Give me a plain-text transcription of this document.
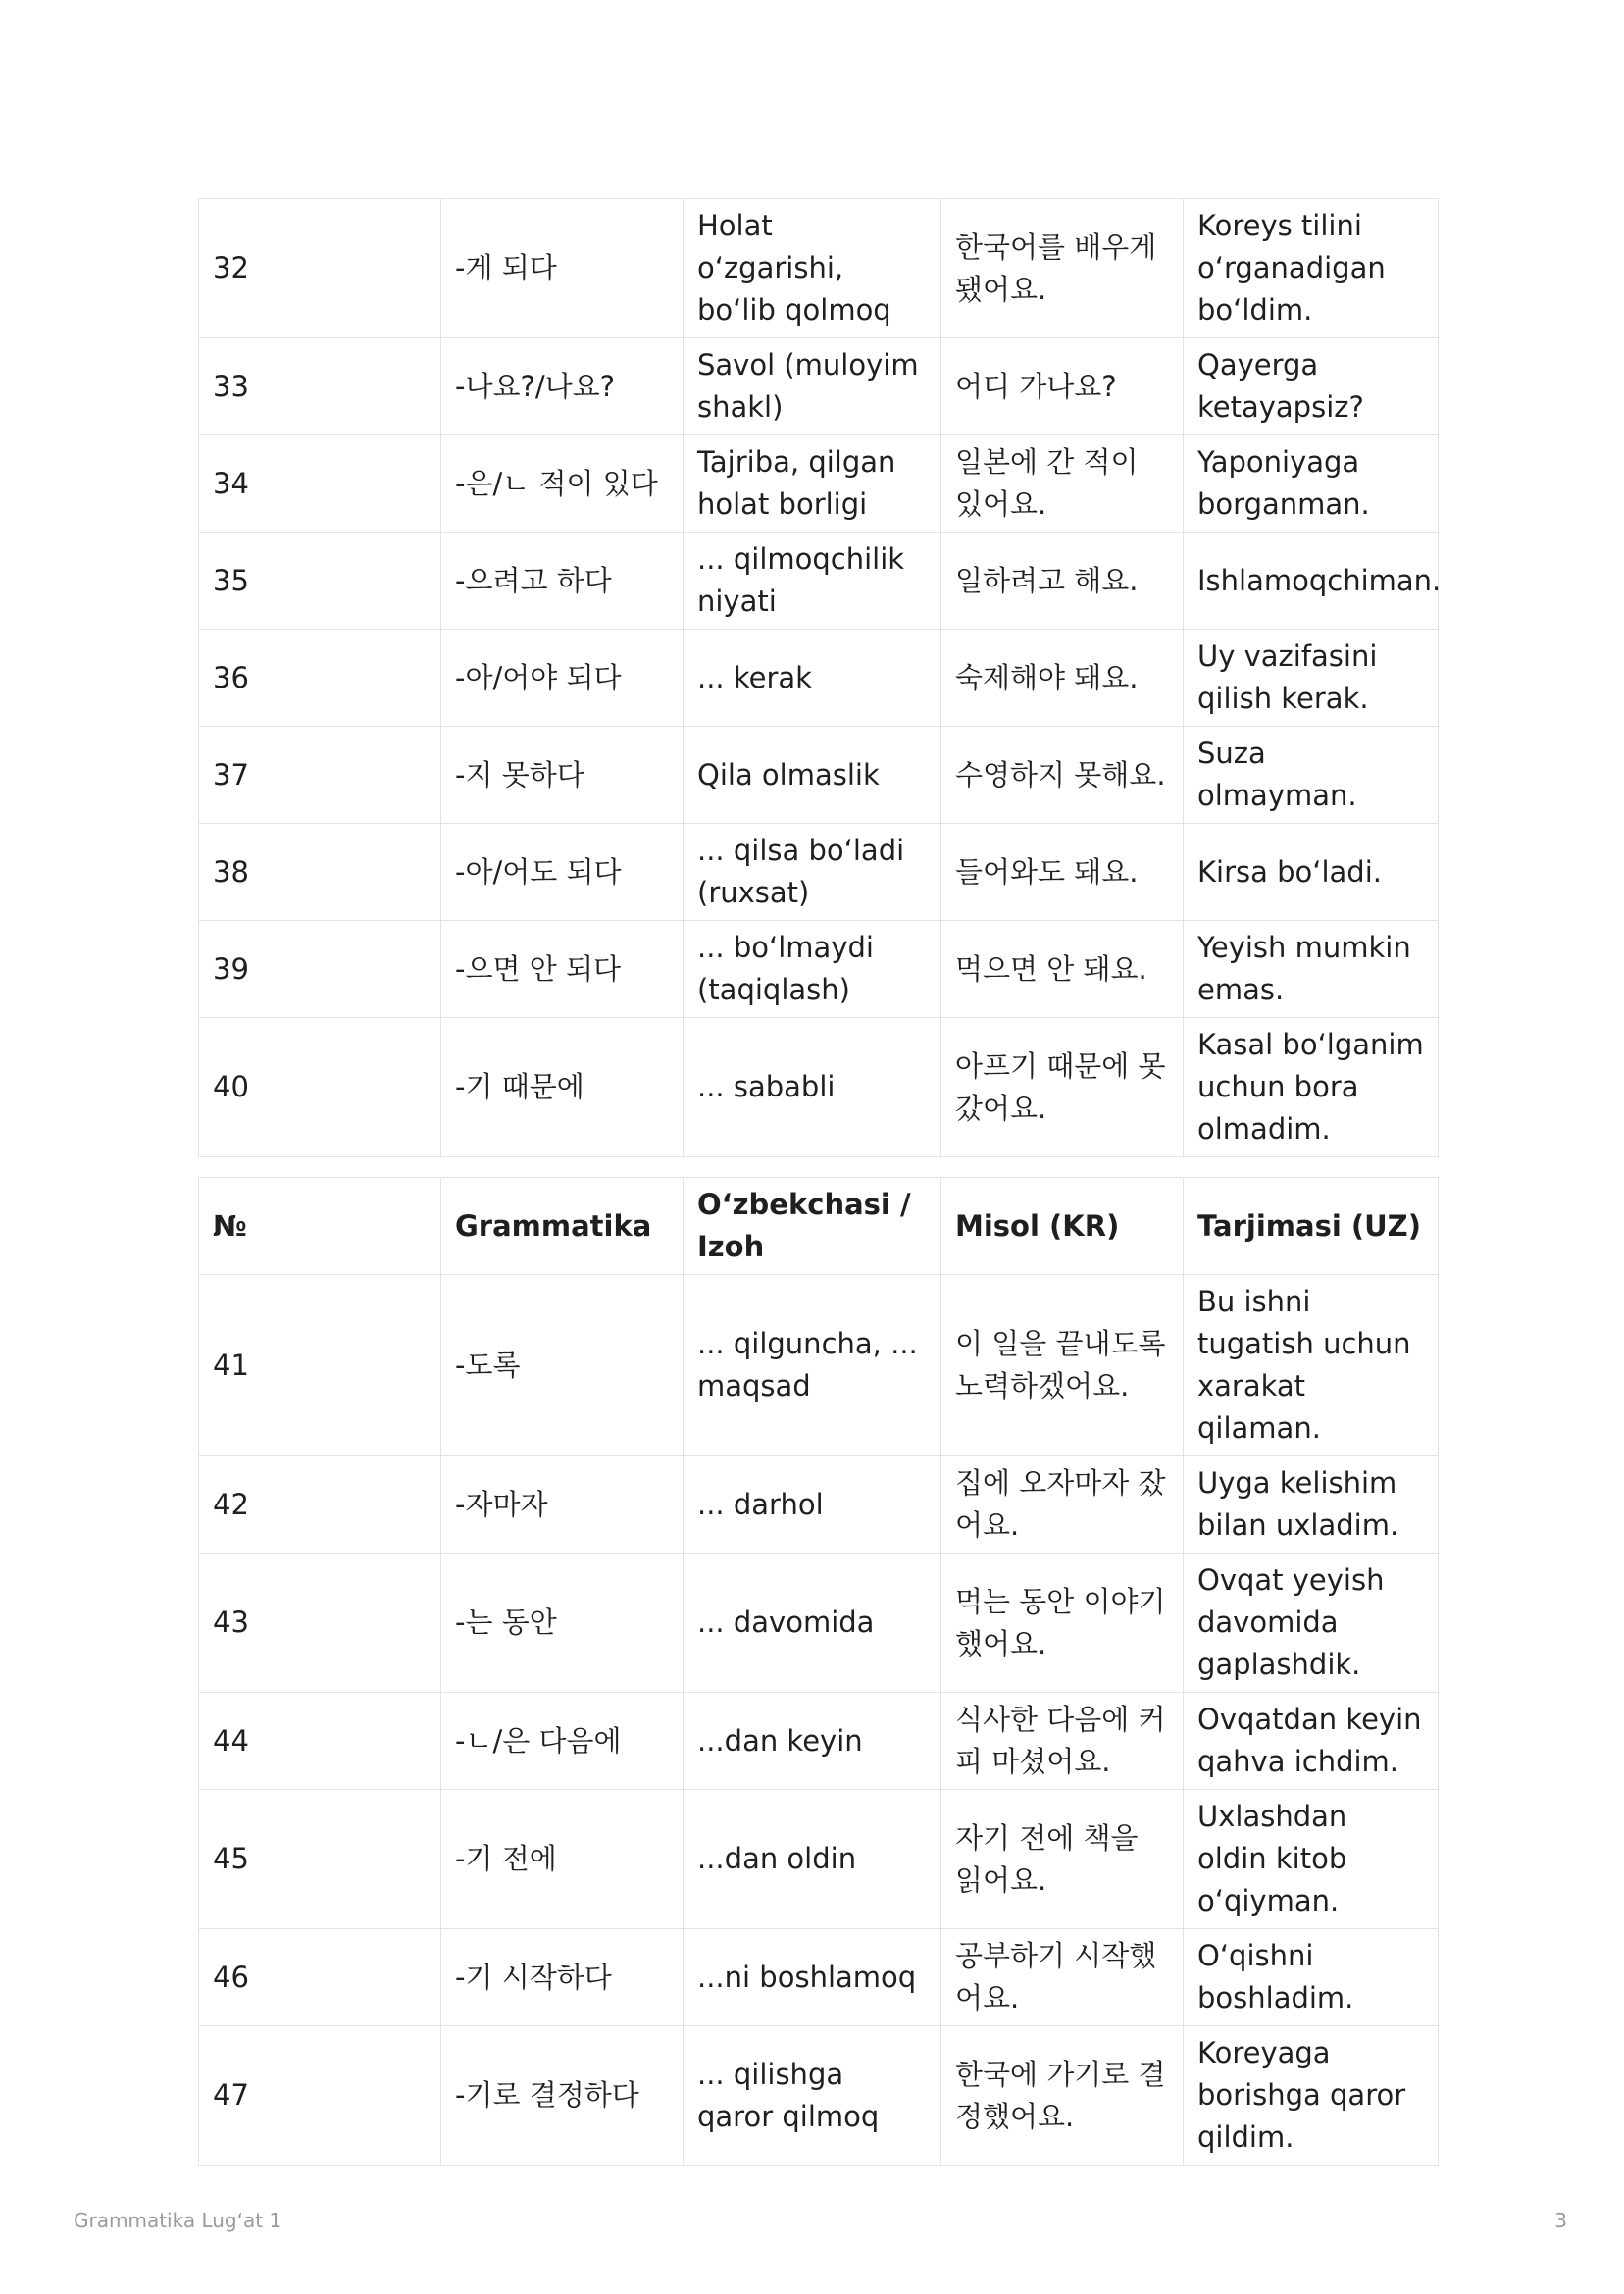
32	-게 되다	Holat oʻzgarishi, boʻlib qolmoq	한국어를 배우게 됐어요.	Koreys tilini oʻrganadigan boʻldim.
33	-나요?/나요?	Savol (muloyim shakl)	어디 가나요?	Qayerga ketayapsiz?
34	-은/ㄴ 적이 있다	Tajriba, qilgan holat borligi	일본에 간 적이 있어요.	Yaponiyaga borganman.
35	-으려고 하다	... qilmoqchilik niyati	일하려고 해요.	Ishlamoqchiman.
36	-아/어야 되다	... kerak	숙제해야 돼요.	Uy vazifasini qilish kerak.
37	-지 못하다	Qila olmaslik	수영하지 못해요.	Suza olmayman.
38	-아/어도 되다	... qilsa boʻladi (ruxsat)	들어와도 돼요.	Kirsa boʻladi.
39	-으면 안 되다	... boʻlmaydi (taqiqlash)	먹으면 안 돼요.	Yeyish mumkin emas.
40	-기 때문에	... sababli	아프기 때문에 못 갔어요.	Kasal boʻlganim uchun bora olmadim.
№	Grammatika	Oʻzbekchasi / Izoh	Misol (KR)	Tarjimasi (UZ)
41	-도록	... qilguncha, ... maqsad	이 일을 끝내도록 노력하겠어요.	Bu ishni tugatish uchun xarakat qilaman.
42	-자마자	... darhol	집에 오자마자 잤어요.	Uyga kelishim bilan uxladim.
43	-는 동안	... davomida	먹는 동안 이야기 했어요.	Ovqat yeyish davomida gaplashdik.
44	-ㄴ/은 다음에	...dan keyin	식사한 다음에 커피 마셨어요.	Ovqatdan keyin qahva ichdim.
45	-기 전에	...dan oldin	자기 전에 책을 읽어요.	Uxlashdan oldin kitob oʻqiyman.
46	-기 시작하다	...ni boshlamoq	공부하기 시작했어요.	Oʻqishni boshladim.
47	-기로 결정하다	... qilishga qaror qilmoq	한국에 가기로 결정했어요.	Koreyaga borishga qaror qildim.
Grammatika Lugʻat 1	3
